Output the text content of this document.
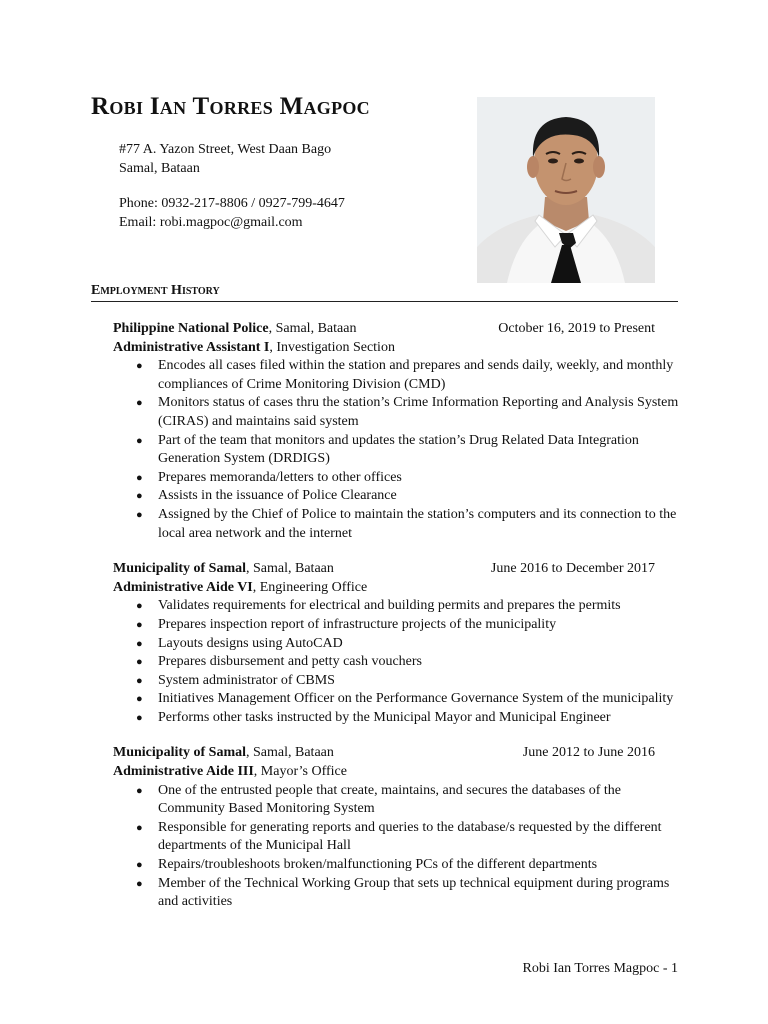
Robi Ian Torres Magpoc
#77 A. Yazon Street, West Daan Bago
Samal, Bataan
Phone: 0932-217-8806 / 0927-799-4647
Email: robi.magpoc@gmail.com
Employment History
Philippine National Police, Samal, Bataan	October 16, 2019 to Present
Administrative Assistant I, Investigation Section
● Encodes all cases filed within the station and prepares and sends daily, weekly, and monthly compliances of Crime Monitoring Division (CMD)
● Monitors status of cases thru the station’s Crime Information Reporting and Analysis System (CIRAS) and maintains said system
● Part of the team that monitors and updates the station’s Drug Related Data Integration Generation System (DRDIGS)
● Prepares memoranda/letters to other offices
● Assists in the issuance of Police Clearance
● Assigned by the Chief of Police to maintain the station’s computers and its connection to the local area network and the internet
Municipality of Samal, Samal, Bataan	June 2016 to December 2017
Administrative Aide VI, Engineering Office
● Validates requirements for electrical and building permits and prepares the permits
● Prepares inspection report of infrastructure projects of the municipality
● Layouts designs using AutoCAD
● Prepares disbursement and petty cash vouchers
● System administrator of CBMS
● Initiatives Management Officer on the Performance Governance System of the municipality
● Performs other tasks instructed by the Municipal Mayor and Municipal Engineer
Municipality of Samal, Samal, Bataan	June 2012 to June 2016
Administrative Aide III, Mayor’s Office
● One of the entrusted people that create, maintains, and secures the databases of the Community Based Monitoring System
● Responsible for generating reports and queries to the database/s requested by the different departments of the Municipal Hall
● Repairs/troubleshoots broken/malfunctioning PCs of the different departments
● Member of the Technical Working Group that sets up technical equipment during programs and activities
Robi Ian Torres Magpoc - 1
